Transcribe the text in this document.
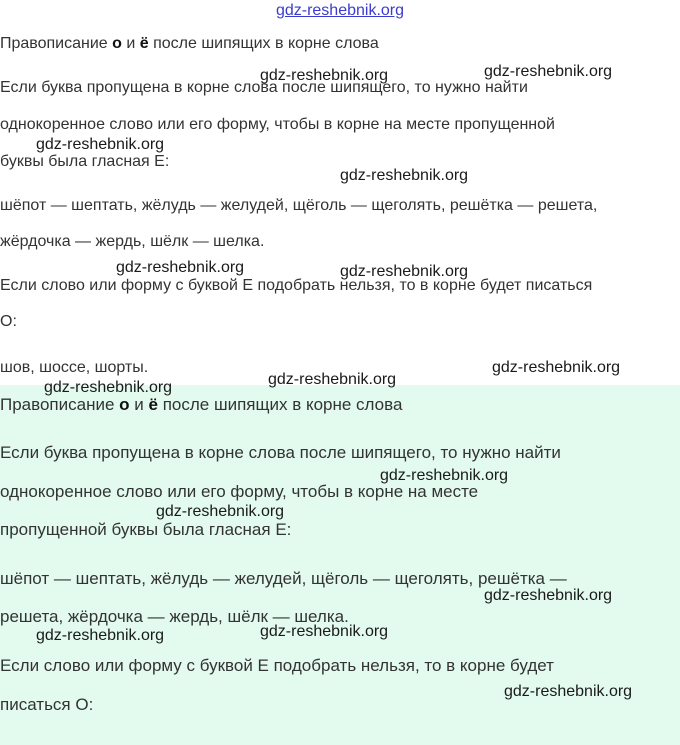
Правописание о и ё после шипящих в корне слова
Если буква пропущена в корне слова после шипящего, то нужно найти
однокоренное слово или его форму, чтобы в корне на месте пропущенной
буквы была гласная Е:
шёпот — шептать, жёлудь — желудей, щёголь — щеголять, решётка — решета,
жёрдочка — жердь, шёлк — шелка.
Если слово или форму с буквой Е подобрать нельзя, то в корне будет писаться
О:
шов, шоссе, шорты.
Правописание о и ё после шипящих в корне слова
Если буква пропущена в корне слова после шипящего, то нужно найти
однокоренное слово или его форму, чтобы в корне на месте
пропущенной буквы была гласная Е:
шёпот — шептать, жёлудь — желудей, щёголь — щеголять, решётка —
решета, жёрдочка — жердь, шёлк — шелка.
Если слово или форму с буквой Е подобрать нельзя, то в корне будет
писаться О:
gdz-reshebnik.org
gdz-reshebnik.org	gdz-reshebnik.org
gdz-reshebnik.org
gdz-reshebnik.org
gdz-reshebnik.org	gdz-reshebnik.org
gdz-reshebnik.org
gdz-reshebnik.org
gdz-reshebnik.org
gdz-reshebnik.org
gdz-reshebnik.org
gdz-reshebnik.org
gdz-reshebnik.org
gdz-reshebnik.org
gdz-reshebnik.org
